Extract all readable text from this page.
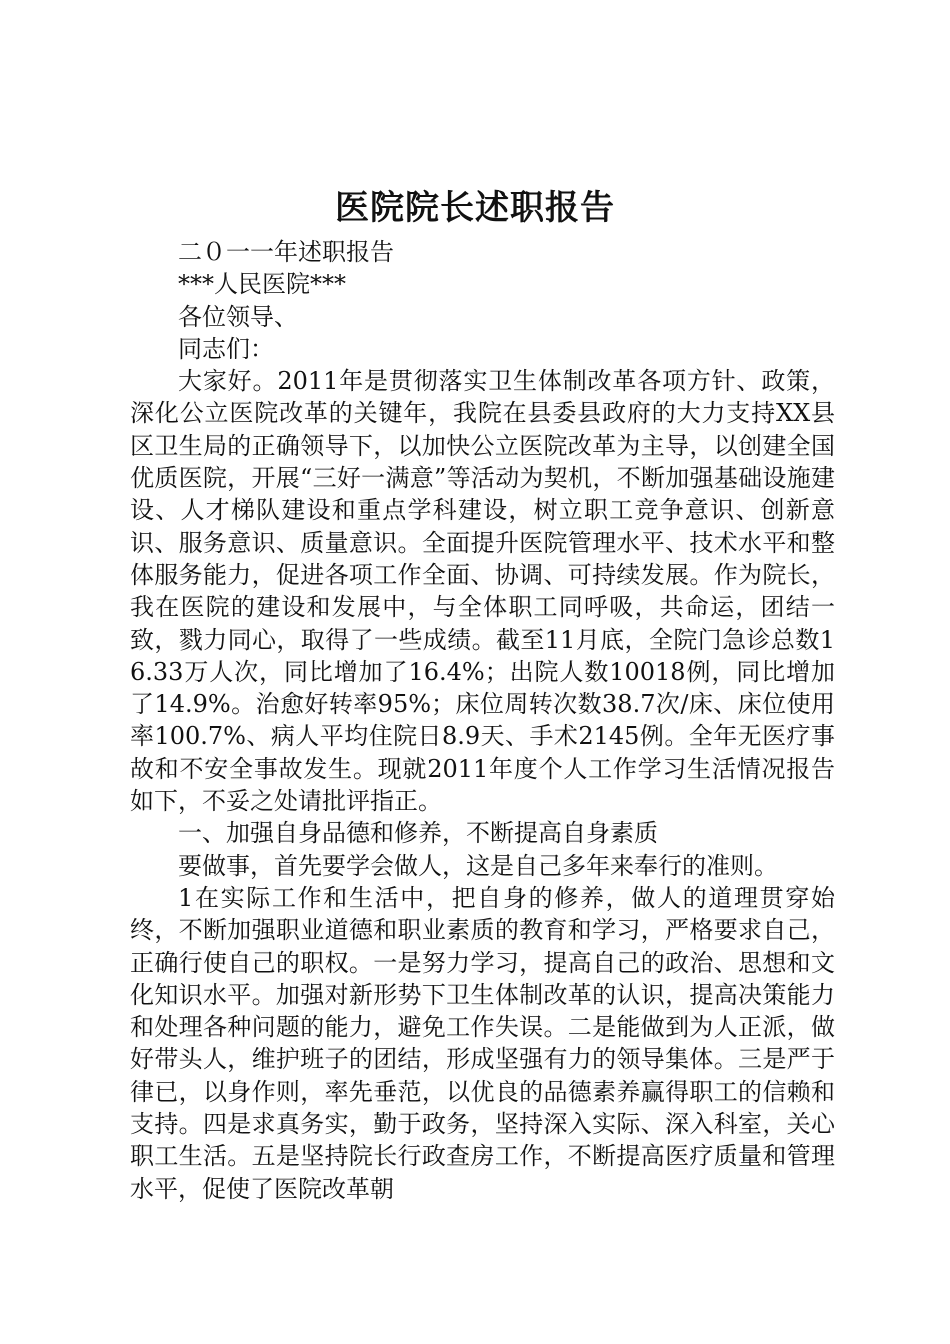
医院院长述职报告

二０一一年述职报告

***人民医院***

各位领导、

同志们：

大家好。2011年是贯彻落实卫生体制改革各项方针、政策，深化公立医院改革的关键年，我院在县委县政府的大力支持XX县区卫生局的正确领导下，以加快公立医院改革为主导，以创建全国优质医院，开展“三好一满意”等活动为契机，不断加强基础设施建设、人才梯队建设和重点学科建设，树立职工竞争意识、创新意识、服务意识、质量意识。全面提升医院管理水平、技术水平和整体服务能力，促进各项工作全面、协调、可持续发展。作为院长，我在医院的建设和发展中，与全体职工同呼吸，共命运，团结一致，戮力同心，取得了一些成绩。截至11月底，全院门急诊总数16.33万人次，同比增加了16.4%；出院人数10018例，同比增加了14.9%。治愈好转率95%；床位周转次数38.7次/床、床位使用率100.7%、病人平均住院日8.9天、手术2145例。全年无医疗事故和不安全事故发生。现就2011年度个人工作学习生活情况报告如下，不妥之处请批评指正。

一、加强自身品德和修养，不断提高自身素质

要做事，首先要学会做人，这是自己多年来奉行的准则。

1在实际工作和生活中，把自身的修养，做人的道理贯穿始终，不断加强职业道德和职业素质的教育和学习，严格要求自己，正确行使自己的职权。一是努力学习，提高自己的政治、思想和文化知识水平。加强对新形势下卫生体制改革的认识，提高决策能力和处理各种问题的能力，避免工作失误。二是能做到为人正派，做好带头人，维护班子的团结，形成坚强有力的领导集体。三是严于律已，以身作则，率先垂范，以优良的品德素养赢得职工的信赖和支持。四是求真务实，勤于政务，坚持深入实际、深入科室，关心职工生活。五是坚持院长行政查房工作，不断提高医疗质量和管理水平，促使了医院改革朝
